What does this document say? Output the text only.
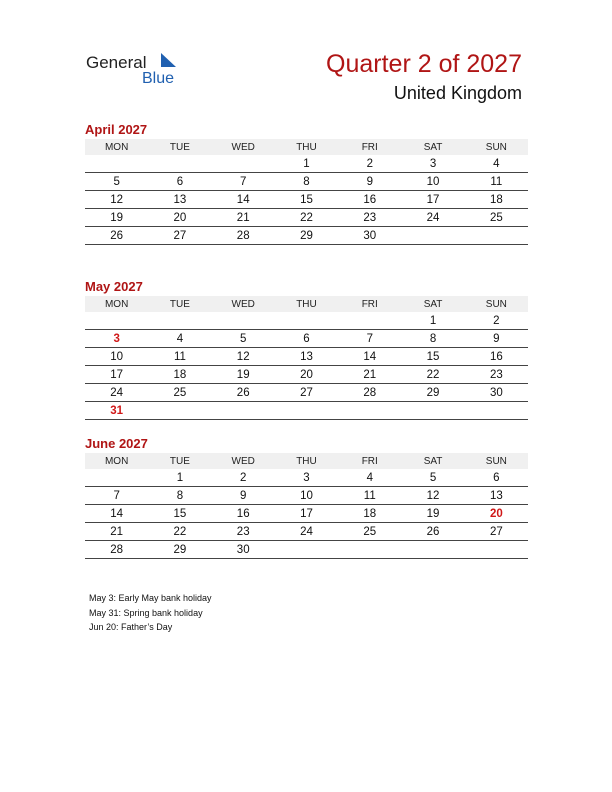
General
Blue
Quarter 2 of 2027
United Kingdom
April 2027
MON	TUE	WED	THU	FRI	SAT	SUN
			1	2	3	4
5	6	7	8	9	10	11
12	13	14	15	16	17	18
19	20	21	22	23	24	25
26	27	28	29	30		
May 2027
MON	TUE	WED	THU	FRI	SAT	SUN
					1	2
3	4	5	6	7	8	9
10	11	12	13	14	15	16
17	18	19	20	21	22	23
24	25	26	27	28	29	30
31						
June 2027
MON	TUE	WED	THU	FRI	SAT	SUN
	1	2	3	4	5	6
7	8	9	10	11	12	13
14	15	16	17	18	19	20
21	22	23	24	25	26	27
28	29	30				
May 3: Early May bank holiday
May 31: Spring bank holiday
Jun 20: Father’s Day
